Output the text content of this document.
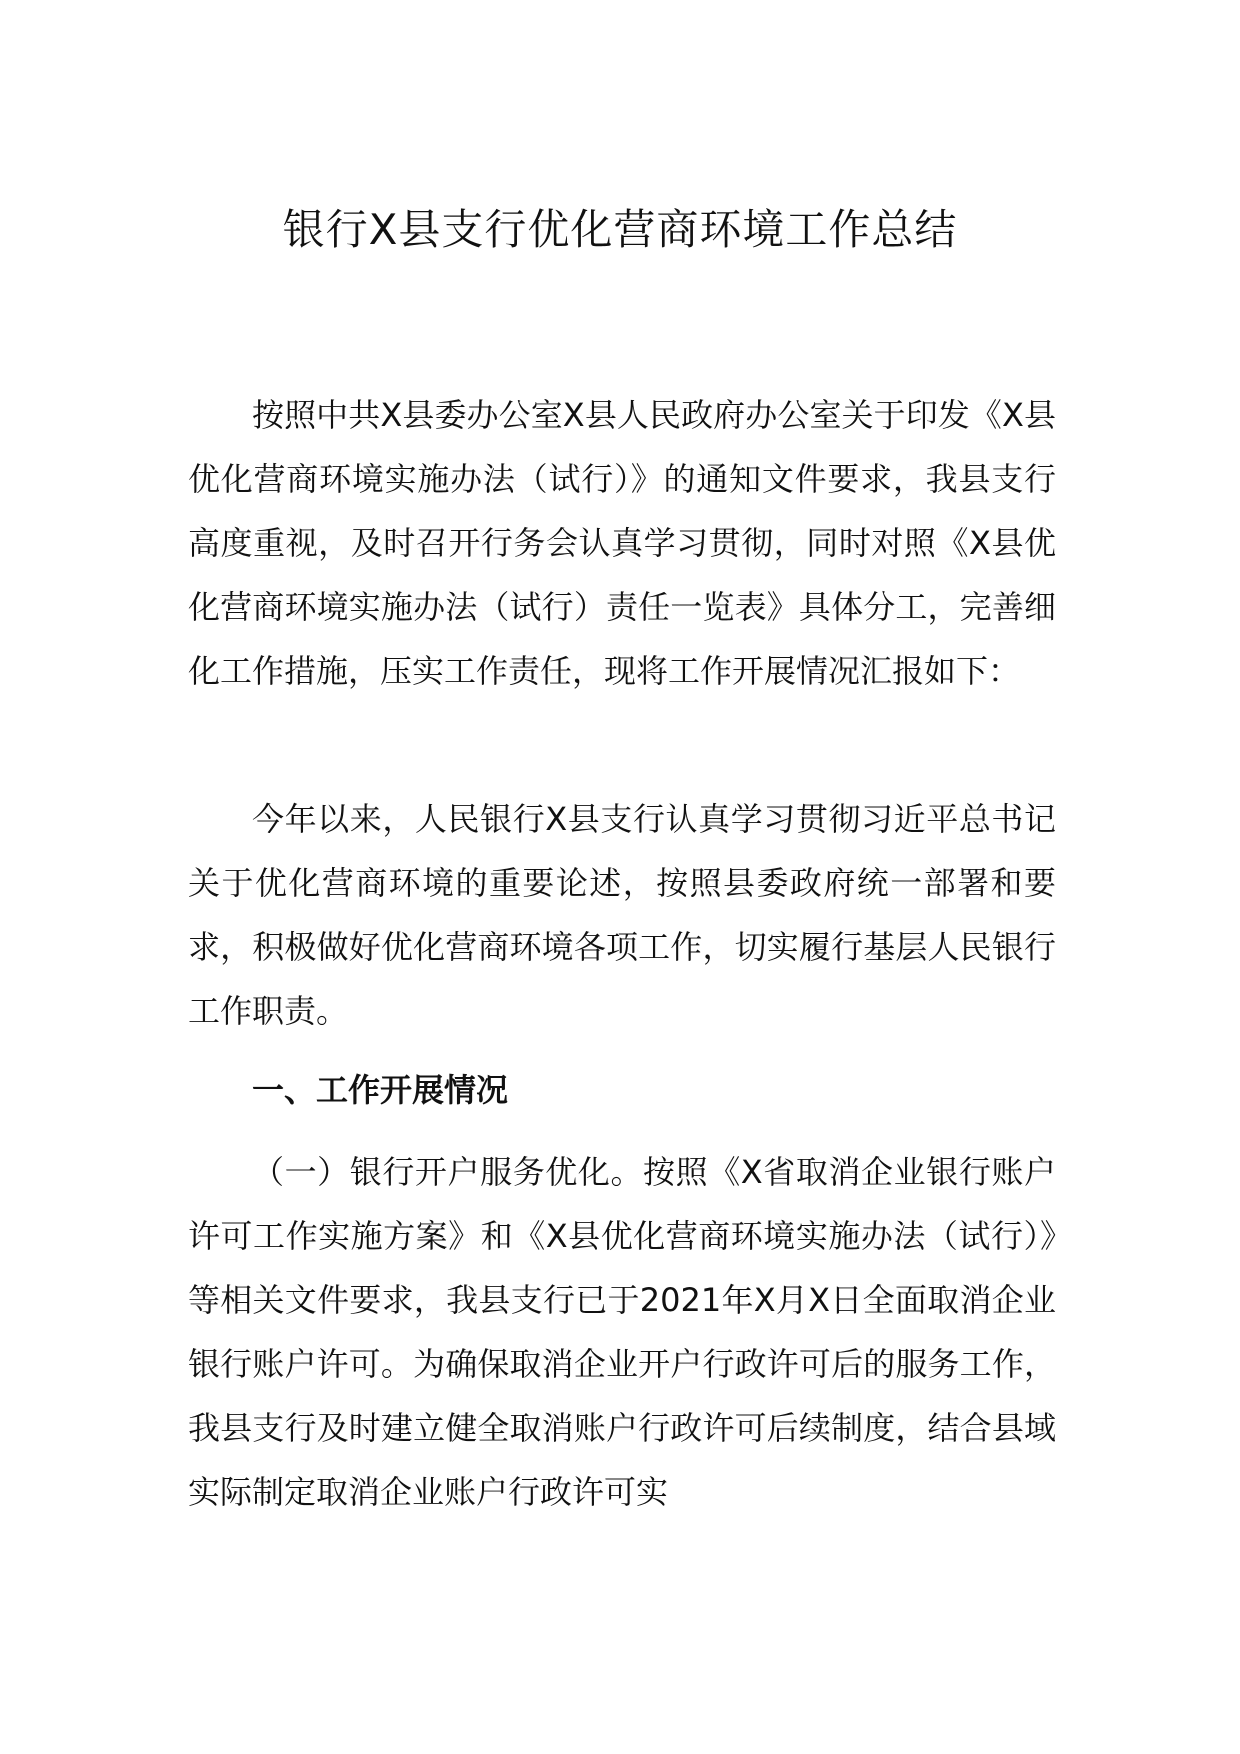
银行X县支行优化营商环境工作总结

按照中共X县委办公室X县人民政府办公室关于印发《X县优化营商环境实施办法（试行）》的通知文件要求，我县支行高度重视，及时召开行务会认真学习贯彻，同时对照《X县优化营商环境实施办法（试行）责任一览表》具体分工，完善细化工作措施，压实工作责任，现将工作开展情况汇报如下：

今年以来，人民银行X县支行认真学习贯彻习近平总书记关于优化营商环境的重要论述，按照县委政府统一部署和要求，积极做好优化营商环境各项工作，切实履行基层人民银行工作职责。

一、工作开展情况

（一）银行开户服务优化。按照《X省取消企业银行账户许可工作实施方案》和《X县优化营商环境实施办法（试行）》等相关文件要求，我县支行已于2021年X月X日全面取消企业银行账户许可。为确保取消企业开户行政许可后的服务工作，我县支行及时建立健全取消账户行政许可后续制度，结合县域实际制定取消企业账户行政许可实
